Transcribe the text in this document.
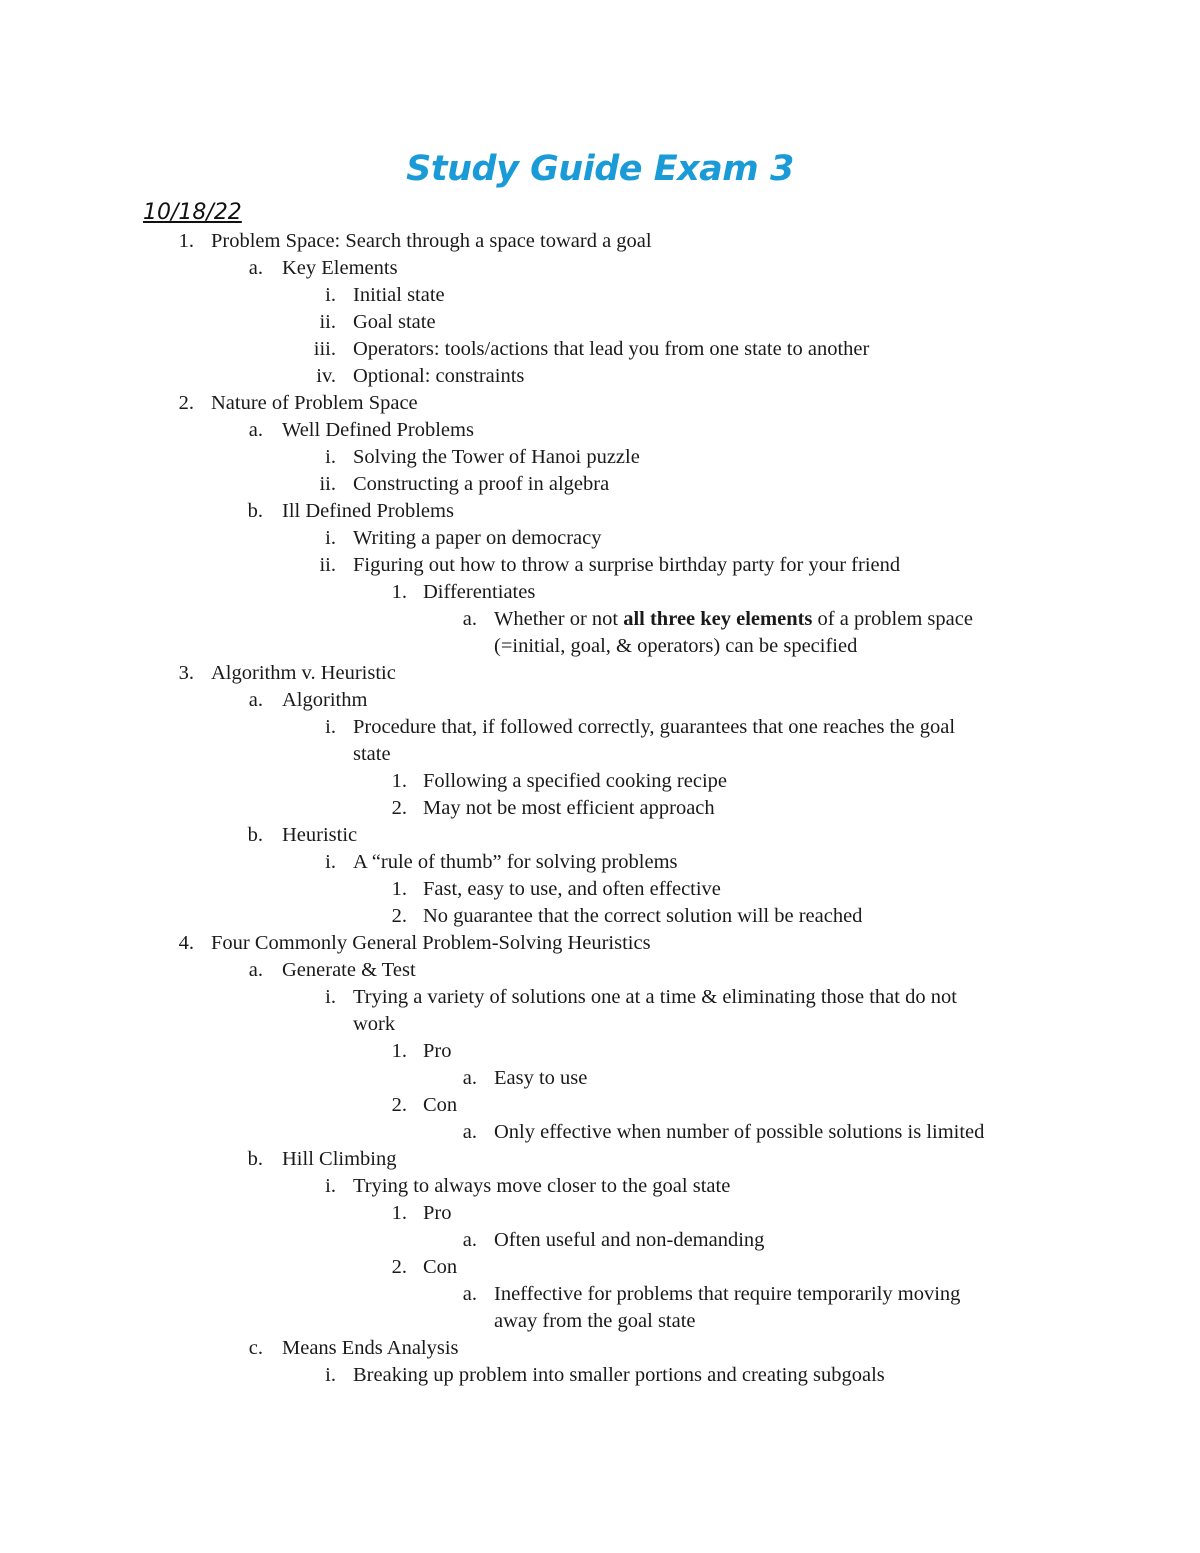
Study Guide Exam 3
10/18/22
1. Problem Space: Search through a space toward a goal
a. Key Elements
i. Initial state
ii. Goal state
iii. Operators: tools/actions that lead you from one state to another
iv. Optional: constraints
2. Nature of Problem Space
a. Well Defined Problems
i. Solving the Tower of Hanoi puzzle
ii. Constructing a proof in algebra
b. Ill Defined Problems
i. Writing a paper on democracy
ii. Figuring out how to throw a surprise birthday party for your friend
1. Differentiates
a. Whether or not all three key elements of a problem space
(=initial, goal, & operators) can be specified
3. Algorithm v. Heuristic
a. Algorithm
i. Procedure that, if followed correctly, guarantees that one reaches the goal
state
1. Following a specified cooking recipe
2. May not be most efficient approach
b. Heuristic
i. A “rule of thumb” for solving problems
1. Fast, easy to use, and often effective
2. No guarantee that the correct solution will be reached
4. Four Commonly General Problem-Solving Heuristics
a. Generate & Test
i. Trying a variety of solutions one at a time & eliminating those that do not
work
1. Pro
a. Easy to use
2. Con
a. Only effective when number of possible solutions is limited
b. Hill Climbing
i. Trying to always move closer to the goal state
1. Pro
a. Often useful and non-demanding
2. Con
a. Ineffective for problems that require temporarily moving
away from the goal state
c. Means Ends Analysis
i. Breaking up problem into smaller portions and creating subgoals
